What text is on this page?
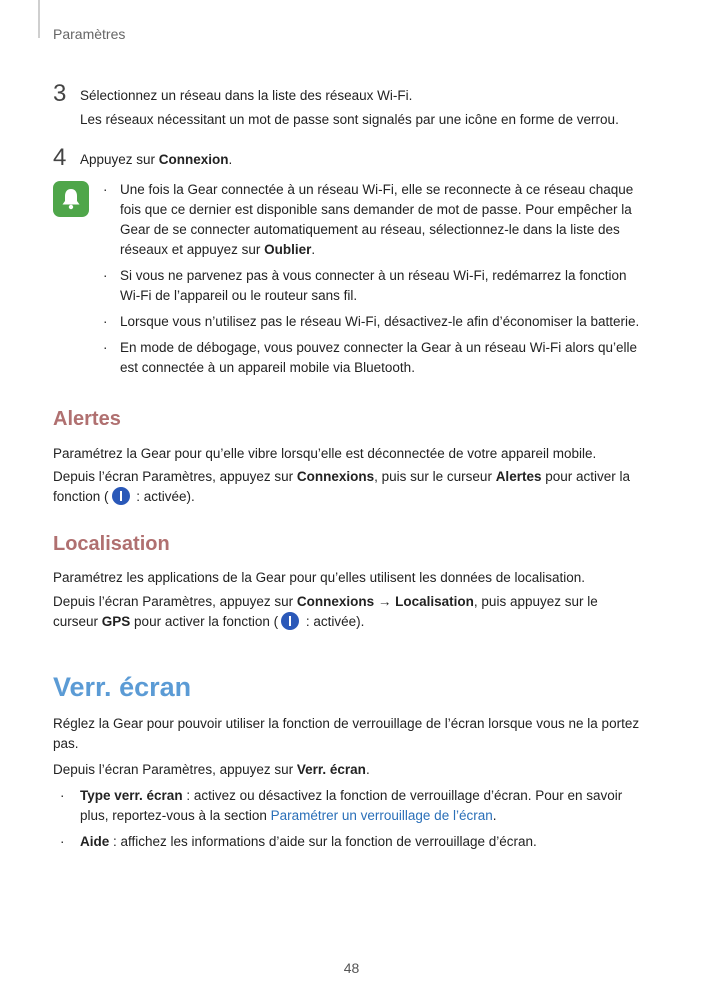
Paramètres
3 Sélectionnez un réseau dans la liste des réseaux Wi-Fi.
Les réseaux nécessitant un mot de passe sont signalés par une icône en forme de verrou.
4 Appuyez sur Connexion.
· Une fois la Gear connectée à un réseau Wi-Fi, elle se reconnecte à ce réseau chaque fois que ce dernier est disponible sans demander de mot de passe. Pour empêcher la Gear de se connecter automatiquement au réseau, sélectionnez-le dans la liste des réseaux et appuyez sur Oublier.
· Si vous ne parvenez pas à vous connecter à un réseau Wi-Fi, redémarrez la fonction Wi-Fi de l’appareil ou le routeur sans fil.
· Lorsque vous n’utilisez pas le réseau Wi-Fi, désactivez-le afin d’économiser la batterie.
· En mode de débogage, vous pouvez connecter la Gear à un réseau Wi-Fi alors qu’elle est connectée à un appareil mobile via Bluetooth.
Alertes
Paramétrez la Gear pour qu’elle vibre lorsqu’elle est déconnectée de votre appareil mobile.
Depuis l’écran Paramètres, appuyez sur Connexions, puis sur le curseur Alertes pour activer la fonction ( : activée).
Localisation
Paramétrez les applications de la Gear pour qu’elles utilisent les données de localisation.
Depuis l’écran Paramètres, appuyez sur Connexions → Localisation, puis appuyez sur le curseur GPS pour activer la fonction ( : activée).
Verr. écran
Réglez la Gear pour pouvoir utiliser la fonction de verrouillage de l’écran lorsque vous ne la portez pas.
Depuis l’écran Paramètres, appuyez sur Verr. écran.
· Type verr. écran : activez ou désactivez la fonction de verrouillage d’écran. Pour en savoir plus, reportez-vous à la section Paramétrer un verrouillage de l’écran.
· Aide : affichez les informations d’aide sur la fonction de verrouillage d’écran.
48
